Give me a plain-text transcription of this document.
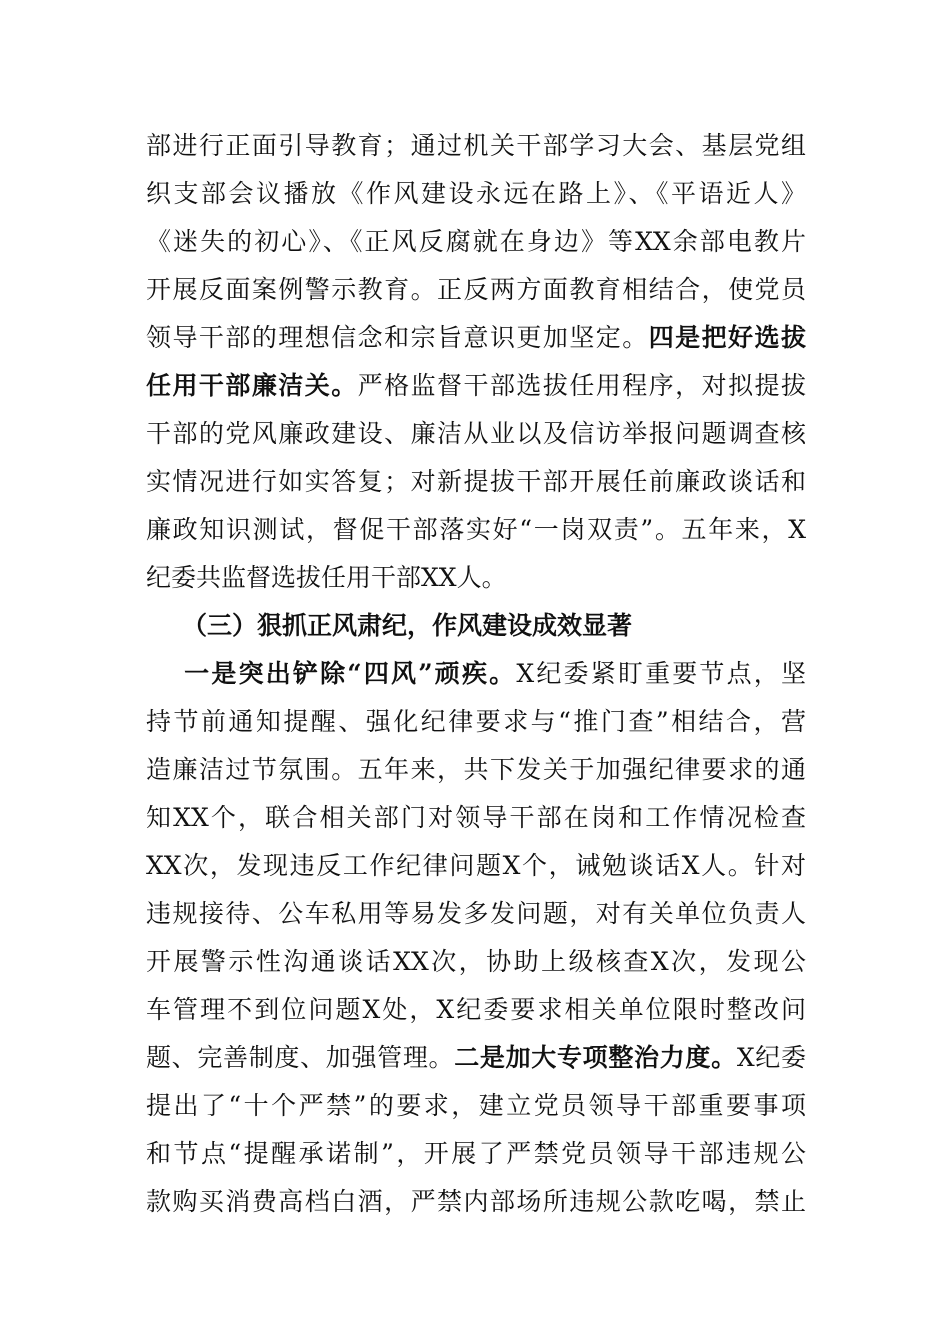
部进行正面引导教育；通过机关干部学习大会、基层党组
织支部会议播放《作风建设永远在路上》、《平语近人》
《迷失的初心》、《正风反腐就在身边》等XX余部电教片
开展反面案例警示教育。正反两方面教育相结合，使党员
领导干部的理想信念和宗旨意识更加坚定。四是把好选拔
任用干部廉洁关。严格监督干部选拔任用程序，对拟提拔
干部的党风廉政建设、廉洁从业以及信访举报问题调查核
实情况进行如实答复；对新提拔干部开展任前廉政谈话和
廉政知识测试，督促干部落实好“一岗双责”。五年来，X
纪委共监督选拔任用干部XX人。
（三）狠抓正风肃纪，作风建设成效显著
一是突出铲除“四风”顽疾。X纪委紧盯重要节点，坚
持节前通知提醒、强化纪律要求与“推门查”相结合，营
造廉洁过节氛围。五年来，共下发关于加强纪律要求的通
知XX个，联合相关部门对领导干部在岗和工作情况检查
XX次，发现违反工作纪律问题X个，诫勉谈话X人。针对
违规接待、公车私用等易发多发问题，对有关单位负责人
开展警示性沟通谈话XX次，协助上级核查X次，发现公
车管理不到位问题X处，X纪委要求相关单位限时整改问
题、完善制度、加强管理。二是加大专项整治力度。X纪委
提出了“十个严禁”的要求，建立党员领导干部重要事项
和节点“提醒承诺制”，开展了严禁党员领导干部违规公
款购买消费高档白酒，严禁内部场所违规公款吃喝，禁止
